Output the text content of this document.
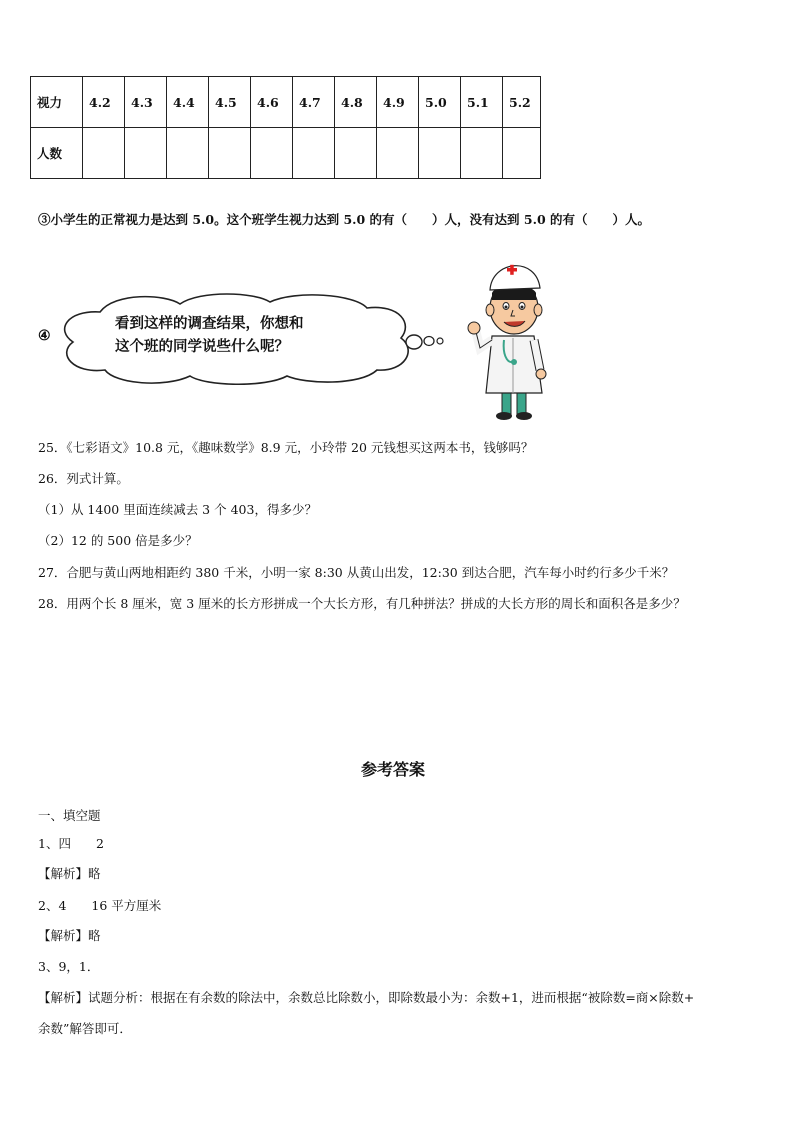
视力	4.2	4.3	4.4	4.5	4.6	4.7	4.8	4.9	5.0	5.1	5.2
人数											
③小学生的正常视力是达到 5.0。这个班学生视力达到 5.0 的有（　　）人，没有达到 5.0 的有（　　）人。
④
看到这样的调查结果，你想和
这个班的同学说些什么呢？
25．《七彩语文》10.8 元，《趣味数学》8.9 元，小玲带 20 元钱想买这两本书，钱够吗？
26．列式计算。
（1）从 1400 里面连续减去 3 个 403，得多少？
（2）12 的 500 倍是多少？
27．合肥与黄山两地相距约 380 千米，小明一家 8:30 从黄山出发，12:30 到达合肥，汽车每小时约行多少千米？
28．用两个长 8 厘米，宽 3 厘米的长方形拼成一个大长方形，有几种拼法？拼成的大长方形的周长和面积各是多少？
参考答案
一、填空题
1、四　　2
【解析】略
2、4　　16 平方厘米
【解析】略
3、9，1．
【解析】试题分析：根据在有余数的除法中，余数总比除数小，即除数最小为：余数+1，进而根据“被除数=商×除数+
余数”解答即可．
